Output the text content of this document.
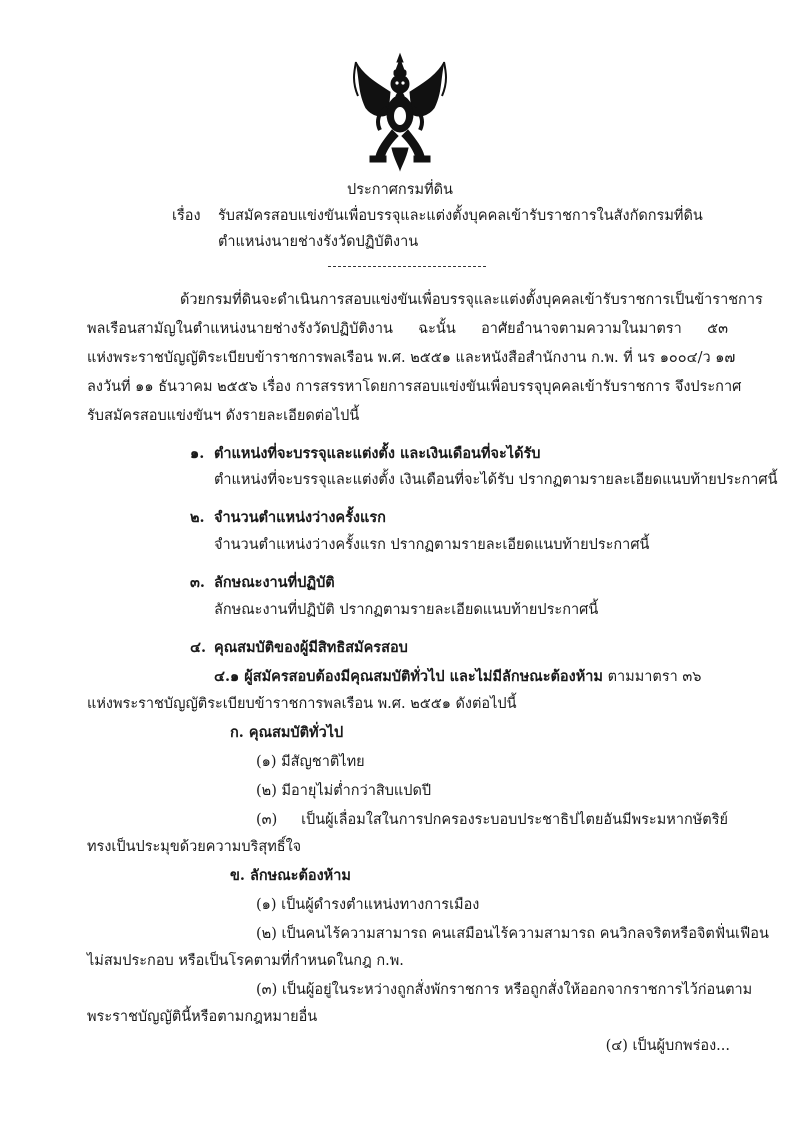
ประกาศกรมที่ดิน
เรื่อง รับสมัครสอบแข่งขันเพื่อบรรจุและแต่งตั้งบุคคลเข้ารับราชการในสังกัดกรมที่ดิน
ตำแหน่งนายช่างรังวัดปฏิบัติงาน
ด้วยกรมที่ดินจะดำเนินการสอบแข่งขันเพื่อบรรจุและแต่งตั้งบุคคลเข้ารับราชการเป็นข้าราชการ
พลเรือนสามัญในตำแหน่งนายช่างรังวัดปฏิบัติงาน ฉะนั้น อาศัยอำนาจตามความในมาตรา ๕๓
แห่งพระราชบัญญัติระเบียบข้าราชการพลเรือน พ.ศ. ๒๕๕๑ และหนังสือสำนักงาน ก.พ. ที่ นร ๑๐๐๔/ว ๑๗
ลงวันที่ ๑๑ ธันวาคม ๒๕๕๖ เรื่อง การสรรหาโดยการสอบแข่งขันเพื่อบรรจุบุคคลเข้ารับราชการ จึงประกาศ
รับสมัครสอบแข่งขันฯ ดังรายละเอียดต่อไปนี้
๑. ตำแหน่งที่จะบรรจุและแต่งตั้ง และเงินเดือนที่จะได้รับ
ตำแหน่งที่จะบรรจุและแต่งตั้ง เงินเดือนที่จะได้รับ ปรากฏตามรายละเอียดแนบท้ายประกาศนี้
๒. จำนวนตำแหน่งว่างครั้งแรก
จำนวนตำแหน่งว่างครั้งแรก ปรากฏตามรายละเอียดแนบท้ายประกาศนี้
๓. ลักษณะงานที่ปฏิบัติ
ลักษณะงานที่ปฏิบัติ ปรากฏตามรายละเอียดแนบท้ายประกาศนี้
๔. คุณสมบัติของผู้มีสิทธิสมัครสอบ
๔.๑ ผู้สมัครสอบต้องมีคุณสมบัติทั่วไป และไม่มีลักษณะต้องห้าม ตามมาตรา ๓๖
แห่งพระราชบัญญัติระเบียบข้าราชการพลเรือน พ.ศ. ๒๕๕๑ ดังต่อไปนี้
ก. คุณสมบัติทั่วไป
(๑) มีสัญชาติไทย
(๒) มีอายุไม่ต่ำกว่าสิบแปดปี
(๓) เป็นผู้เลื่อมใสในการปกครองระบอบประชาธิปไตยอันมีพระมหากษัตริย์
ทรงเป็นประมุขด้วยความบริสุทธิ์ใจ
ข. ลักษณะต้องห้าม
(๑) เป็นผู้ดำรงตำแหน่งทางการเมือง
(๒) เป็นคนไร้ความสามารถ คนเสมือนไร้ความสามารถ คนวิกลจริตหรือจิตฟั่นเฟือน
ไม่สมประกอบ หรือเป็นโรคตามที่กำหนดในกฎ ก.พ.
(๓) เป็นผู้อยู่ในระหว่างถูกสั่งพักราชการ หรือถูกสั่งให้ออกจากราชการไว้ก่อนตาม
พระราชบัญญัตินี้หรือตามกฎหมายอื่น
(๔) เป็นผู้บกพร่อง...
